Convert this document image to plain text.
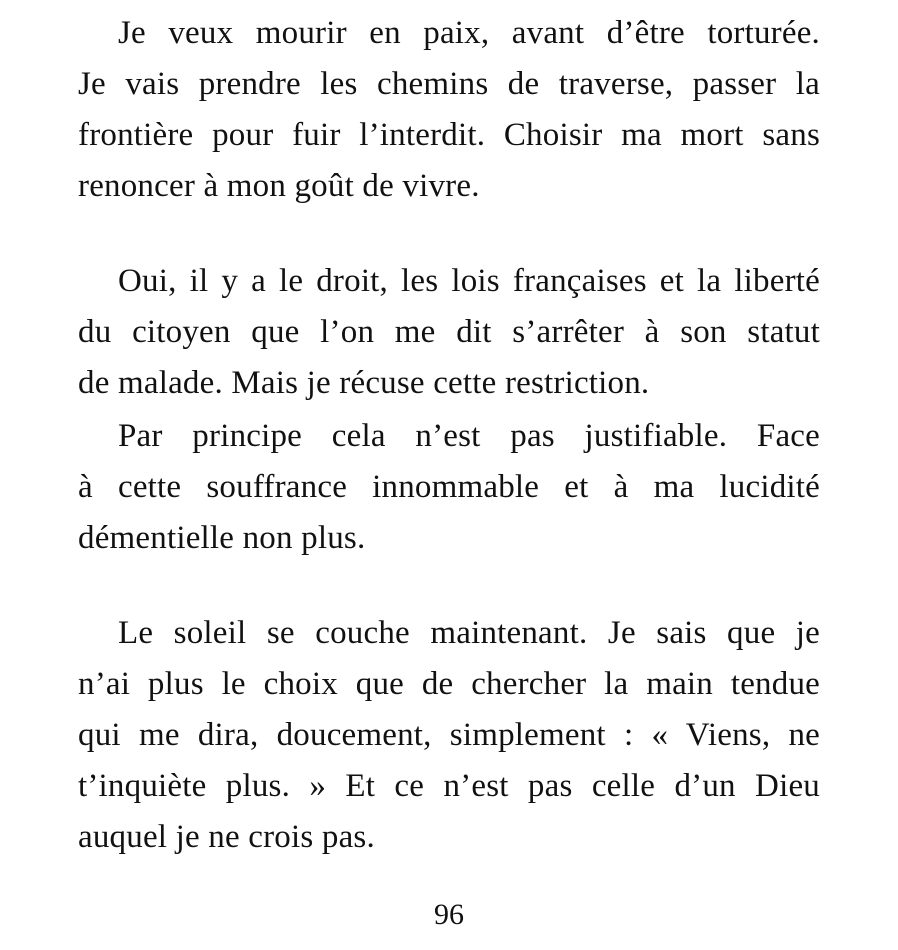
Je veux mourir en paix, avant d’être torturée.
Je vais prendre les chemins de traverse, passer la
frontière pour fuir l’interdit. Choisir ma mort sans
renoncer à mon goût de vivre.
Oui, il y a le droit, les lois françaises et la liberté
du citoyen que l’on me dit s’arrêter à son statut
de malade. Mais je récuse cette restriction.
Par principe cela n’est pas justifiable. Face
à cette souffrance innommable et à ma lucidité
démentielle non plus.
Le soleil se couche maintenant. Je sais que je
n’ai plus le choix que de chercher la main tendue
qui me dira, doucement, simplement : « Viens, ne
t’inquiète plus. » Et ce n’est pas celle d’un Dieu
auquel je ne crois pas.
96
